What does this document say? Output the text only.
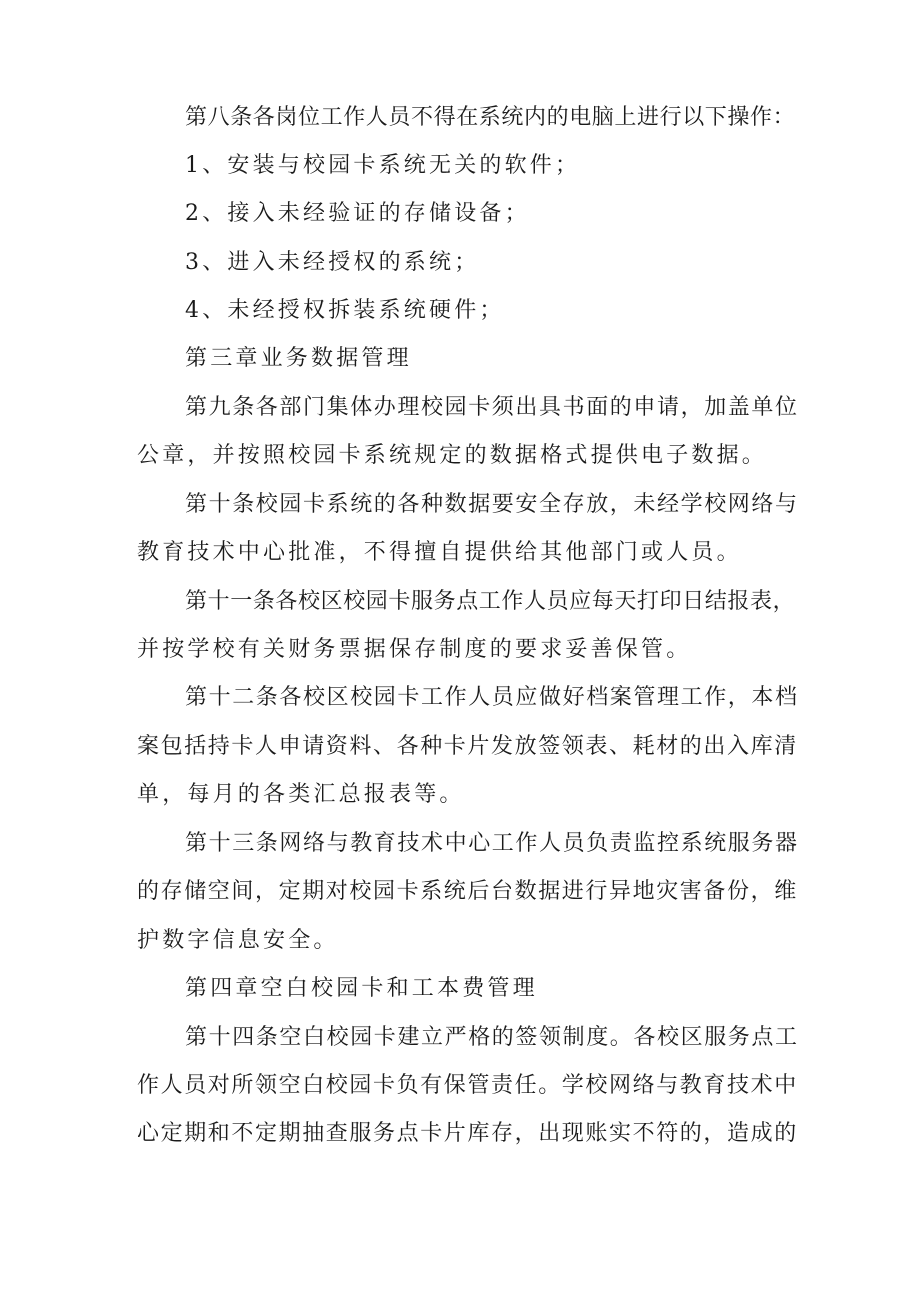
第八条各岗位工作人员不得在系统内的电脑上进行以下操作：
1、安装与校园卡系统无关的软件；
2、接入未经验证的存储设备；
3、进入未经授权的系统；
4、未经授权拆装系统硬件；
第三章业务数据管理
第九条各部门集体办理校园卡须出具书面的申请，加盖单位
公章，并按照校园卡系统规定的数据格式提供电子数据。
第十条校园卡系统的各种数据要安全存放，未经学校网络与
教育技术中心批准，不得擅自提供给其他部门或人员。
第十一条各校区校园卡服务点工作人员应每天打印日结报表，
并按学校有关财务票据保存制度的要求妥善保管。
第十二条各校区校园卡工作人员应做好档案管理工作，本档
案包括持卡人申请资料、各种卡片发放签领表、耗材的出入库清
单，每月的各类汇总报表等。
第十三条网络与教育技术中心工作人员负责监控系统服务器
的存储空间，定期对校园卡系统后台数据进行异地灾害备份，维
护数字信息安全。
第四章空白校园卡和工本费管理
第十四条空白校园卡建立严格的签领制度。各校区服务点工
作人员对所领空白校园卡负有保管责任。学校网络与教育技术中
心定期和不定期抽查服务点卡片库存，出现账实不符的，造成的
